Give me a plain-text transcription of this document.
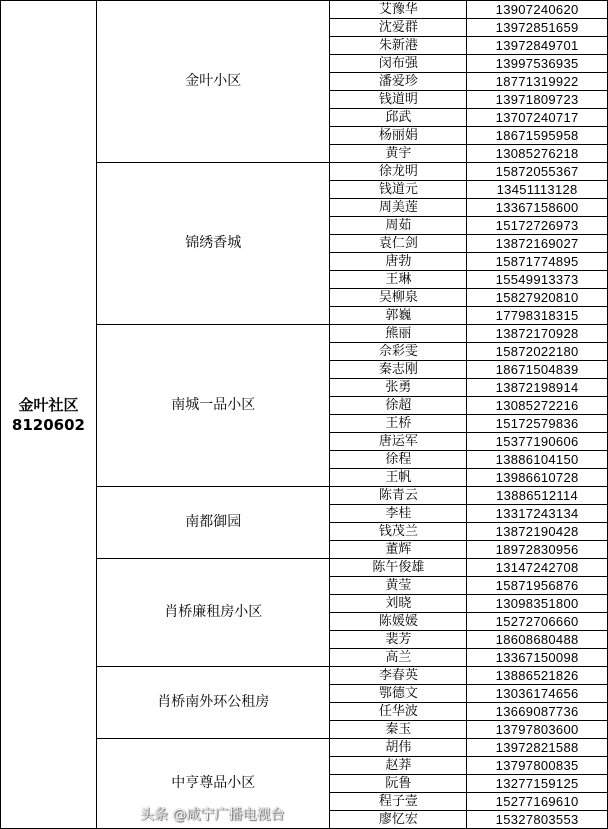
金叶社区
8120602	金叶小区	艾豫华	13907240620
		沈爱群	13972851659
		朱新港	13972849701
		闵布强	13997536935
		潘爱珍	18771319922
		钱道明	13971809723
		邱武	13707240717
		杨丽娟	18671595958
		黄宇	13085276218
	锦绣香城	徐龙明	15872055367
		钱道元	13451113128
		周美莲	13367158600
		周茹	15172726973
		袁仁剑	13872169027
		唐勃	15871774895
		王琳	15549913373
		吴柳泉	15827920810
		郭巍	17798318315
	南城一品小区	熊丽	13872170928
		佘彩雯	15872022180
		秦志刚	18671504839
		张勇	13872198914
		徐超	13085272216
		王桥	15172579836
		唐运军	15377190606
		徐程	13886104150
		王帆	13986610728
	南都御园	陈青云	13886512114
		李桂	13317243134
		钱茂兰	13872190428
		董辉	18972830956
	肖桥廉租房小区	陈午俊雄	13147242708
		黄莹	15871956876
		刘晓	13098351800
		陈媛媛	15272706660
		裴芳	18608680488
		高兰	13367150098
	肖桥南外环公租房	李春英	13886521826
		鄂德文	13036174656
		任华波	13669087736
		秦玉	13797803600
	中亨尊品小区	胡伟	13972821588
		赵莽	13797800835
		阮鲁	13277159125
		程子壹	15277169610
		廖忆宏	15327803553
头条 @咸宁广播电视台
